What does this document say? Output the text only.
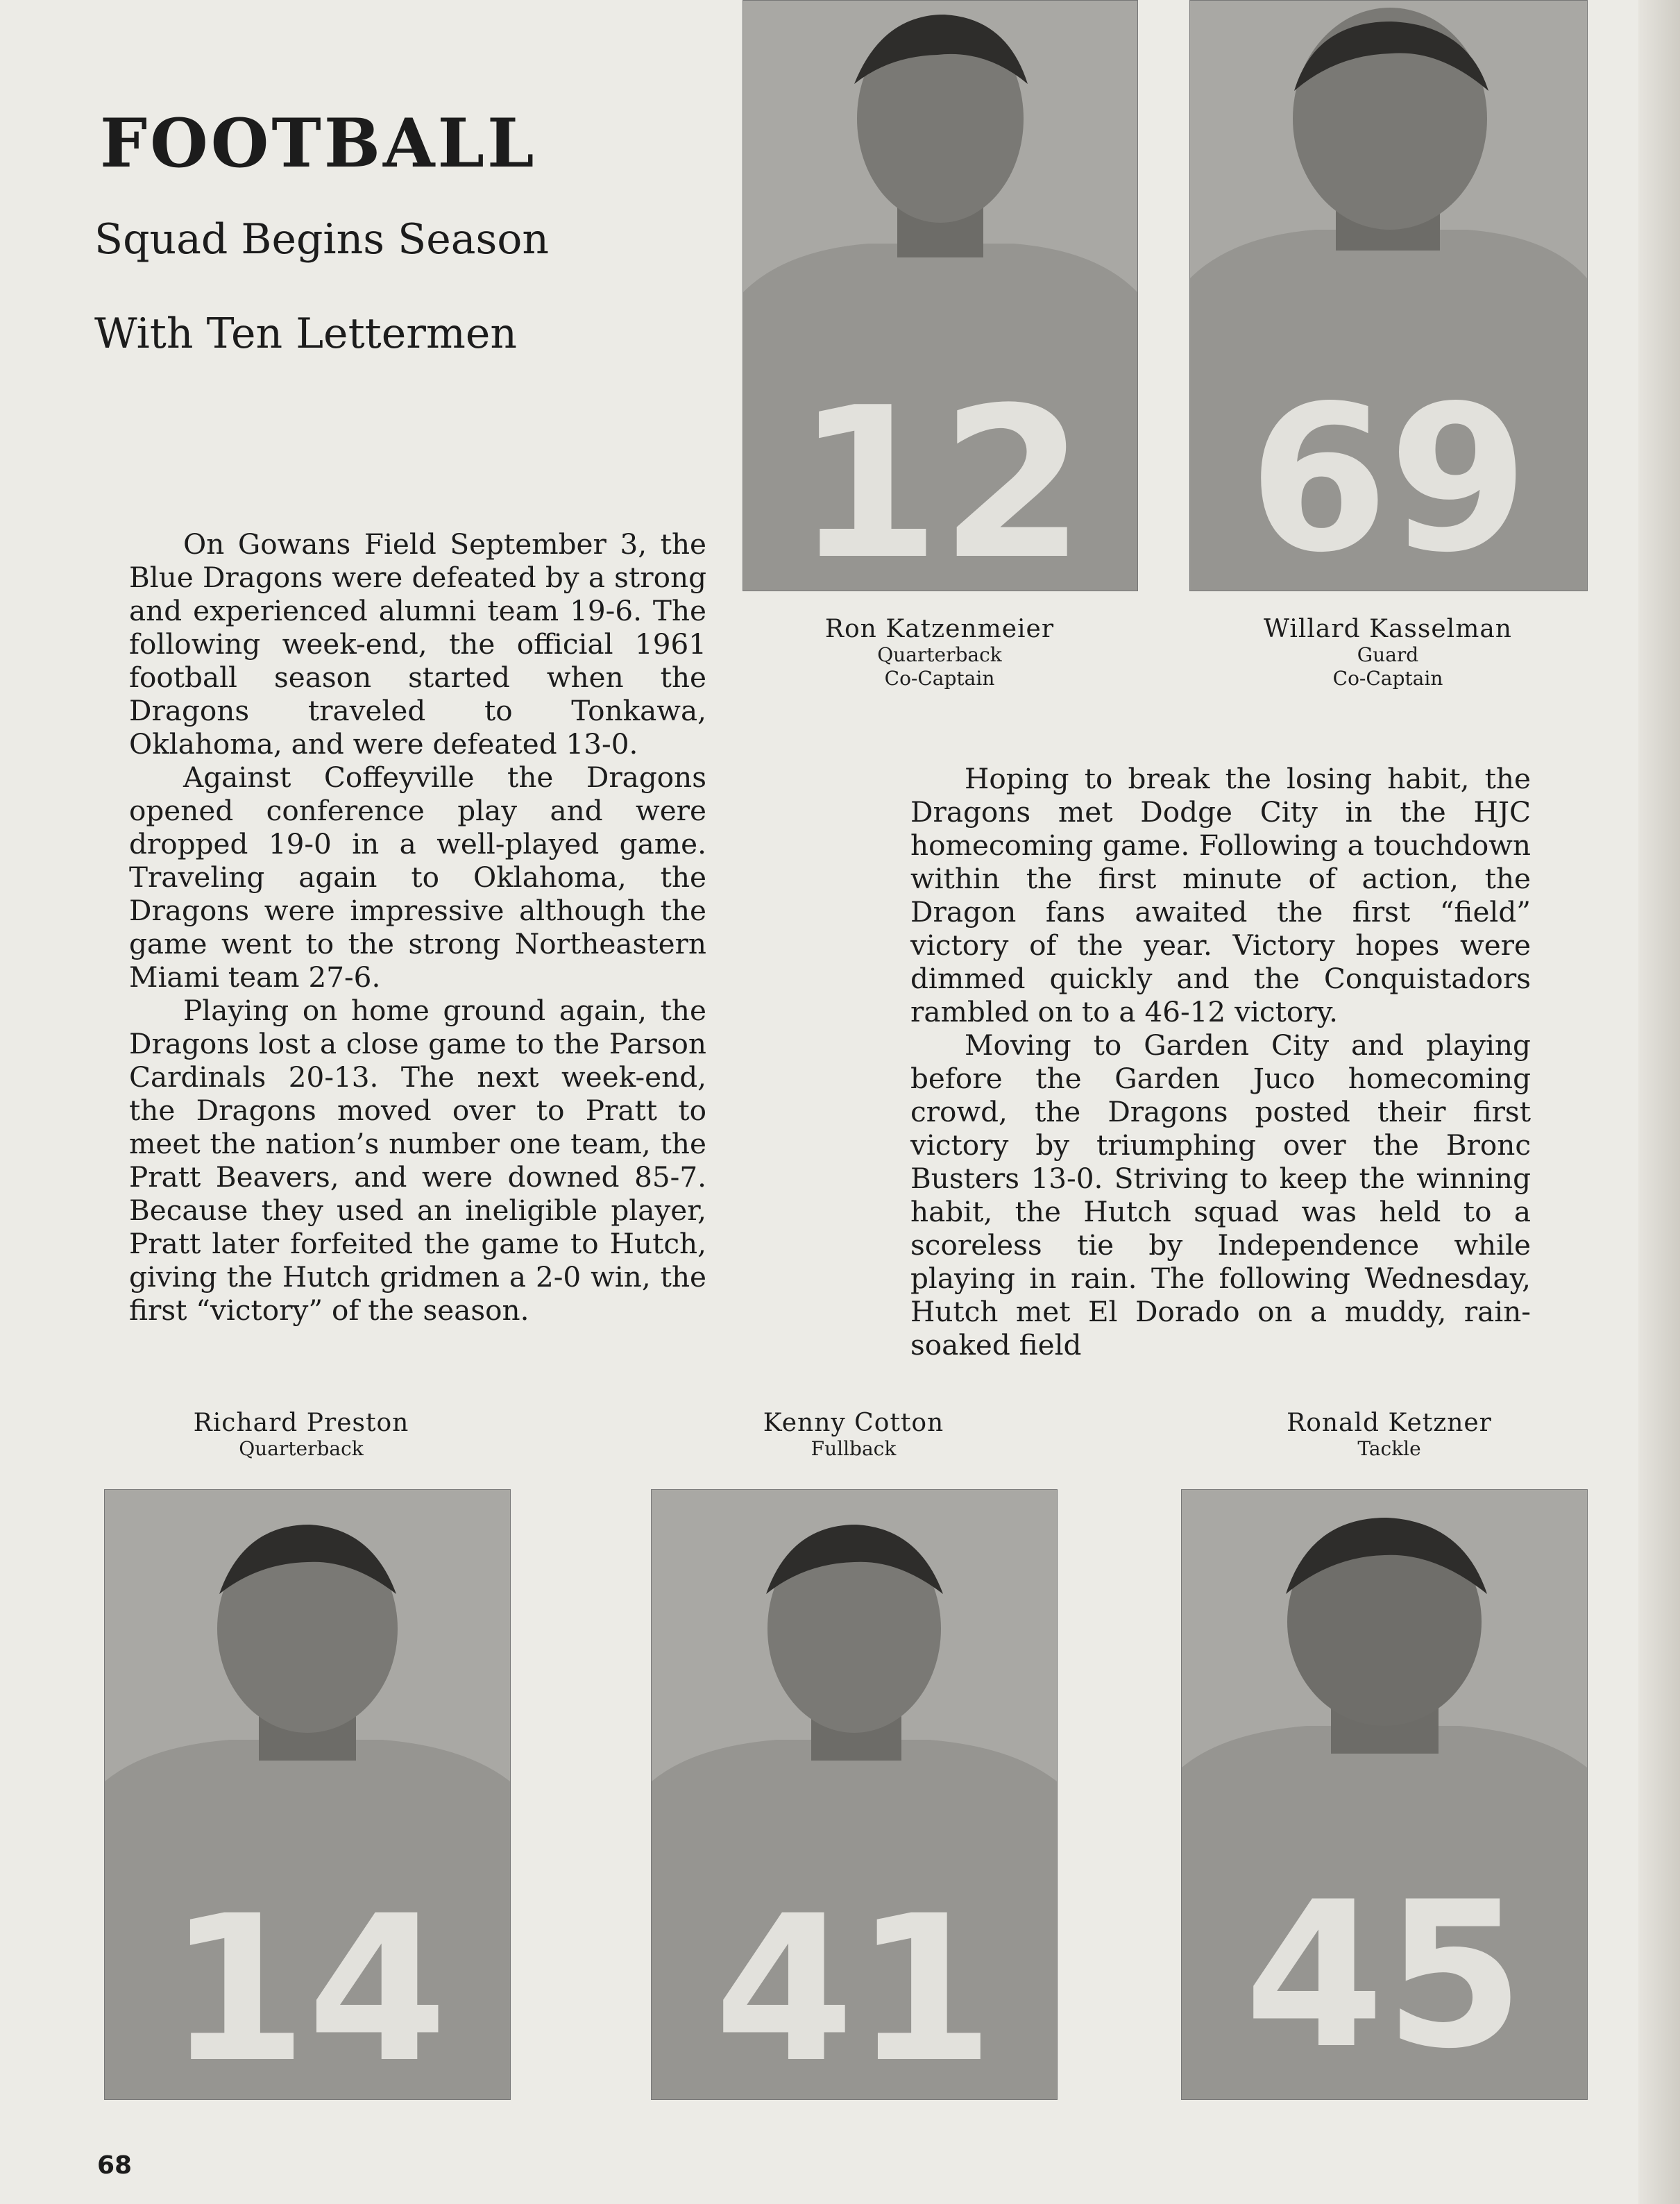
FOOTBALL
Squad Begins Season
With Ten Lettermen
12 69
Ron Katzenmeier
Quarterback
Co-Captain
Willard Kasselman
Guard
Co-Captain

On Gowans Field September 3, the Blue Dragons were defeated by a strong and experienced alumni team 19-6. The following week-end, the official 1961 football season started when the Dragons traveled to Tonkawa, Oklahoma, and were defeated 13-0.

Against Coffeyville the Dragons opened conference play and were dropped 19-0 in a well-played game. Traveling again to Oklahoma, the Dragons were impressive although the game went to the strong Northeastern Miami team 27-6.

Playing on home ground again, the Dragons lost a close game to the Parson Cardinals 20-13. The next week-end, the Dragons moved over to Pratt to meet the nation’s number one team, the Pratt Beavers, and were downed 85-7. Because they used an ineligible player, Pratt later forfeited the game to Hutch, giving the Hutch gridmen a 2-0 win, the first “victory” of the season.

Hoping to break the losing habit, the Dragons met Dodge City in the HJC homecoming game. Following a touchdown within the first minute of action, the Dragon fans awaited the first “field” victory of the year. Victory hopes were dimmed quickly and the Conquistadors rambled on to a 46-12 victory.

Moving to Garden City and playing before the Garden Juco homecoming crowd, the Dragons posted their first victory by triumphing over the Bronc Busters 13-0. Striving to keep the winning habit, the Hutch squad was held to a scoreless tie by Independence while playing in rain. The following Wednesday, Hutch met El Dorado on a muddy, rain-soaked field

Richard Preston
Quarterback
Kenny Cotton
Fullback
Ronald Ketzner
Tackle
14 41 45
68
